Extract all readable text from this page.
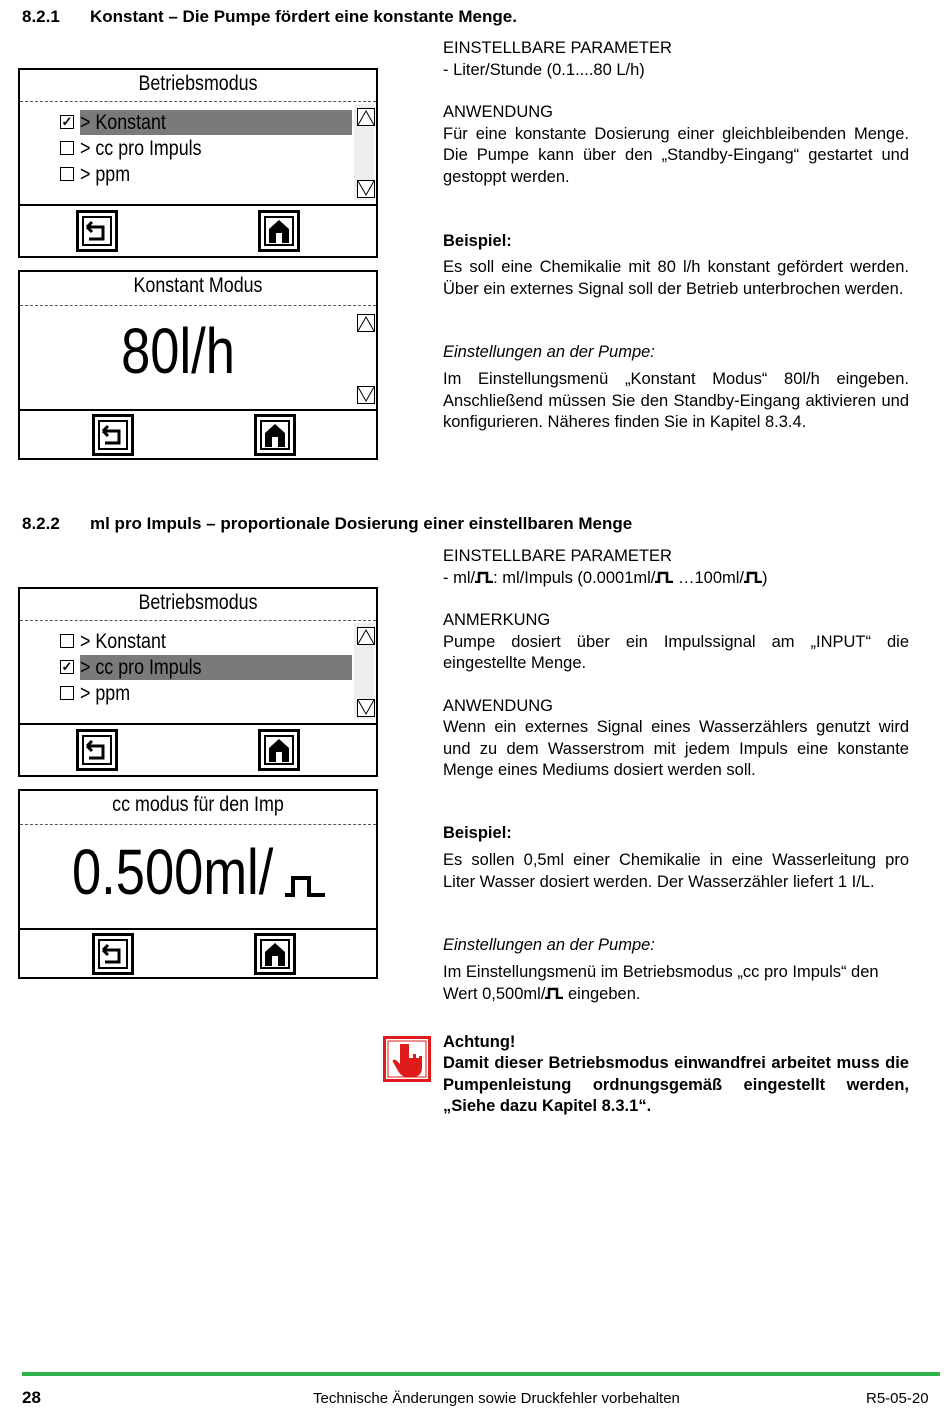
8.2.1 Konstant – Die Pumpe fördert eine konstante Menge.
Betriebsmodus
✓ > Konstant
> cc pro Impuls
> ppm
Konstant Modus
80l/h
EINSTELLBARE PARAMETER
- Liter/Stunde (0.1....80 L/h)
ANWENDUNG
Für eine konstante Dosierung einer gleichbleibenden Menge. Die Pumpe kann über den „Standby-Eingang“ gestartet und gestoppt werden.
Beispiel:
Es soll eine Chemikalie mit 80 l/h konstant gefördert werden. Über ein externes Signal soll der Betrieb unterbrochen werden.
Einstellungen an der Pumpe:
Im Einstellungsmenü „Konstant Modus“ 80l/h eingeben. Anschließend müssen Sie den Standby-Eingang aktivieren und konfigurieren. Näheres finden Sie in Kapitel 8.3.4.
8.2.2 ml pro Impuls – proportionale Dosierung einer einstellbaren Menge
Betriebsmodus
> Konstant
✓ > cc pro Impuls
> ppm
cc modus für den Imp
0.500ml/
EINSTELLBARE PARAMETER
- ml/ : ml/Impuls (0.0001ml/ …100ml/ )
ANMERKUNG
Pumpe dosiert über ein Impulssignal am „INPUT“ die eingestellte Menge.
ANWENDUNG
Wenn ein externes Signal eines Wasserzählers genutzt wird und zu dem Wasserstrom mit jedem Impuls eine konstante Menge eines Mediums dosiert werden soll.
Beispiel:
Es sollen 0,5ml einer Chemikalie in eine Wasserleitung pro Liter Wasser dosiert werden. Der Wasserzähler liefert 1 I/L.
Einstellungen an der Pumpe:
Im Einstellungsmenü im Betriebsmodus „cc pro Impuls“ den Wert 0,500ml/ eingeben.
Achtung!
Damit dieser Betriebsmodus einwandfrei arbeitet muss die Pumpenleistung ordnungsgemäß eingestellt werden, „Siehe dazu Kapitel 8.3.1“.
28	Technische Änderungen sowie Druckfehler vorbehalten	R5-05-20
